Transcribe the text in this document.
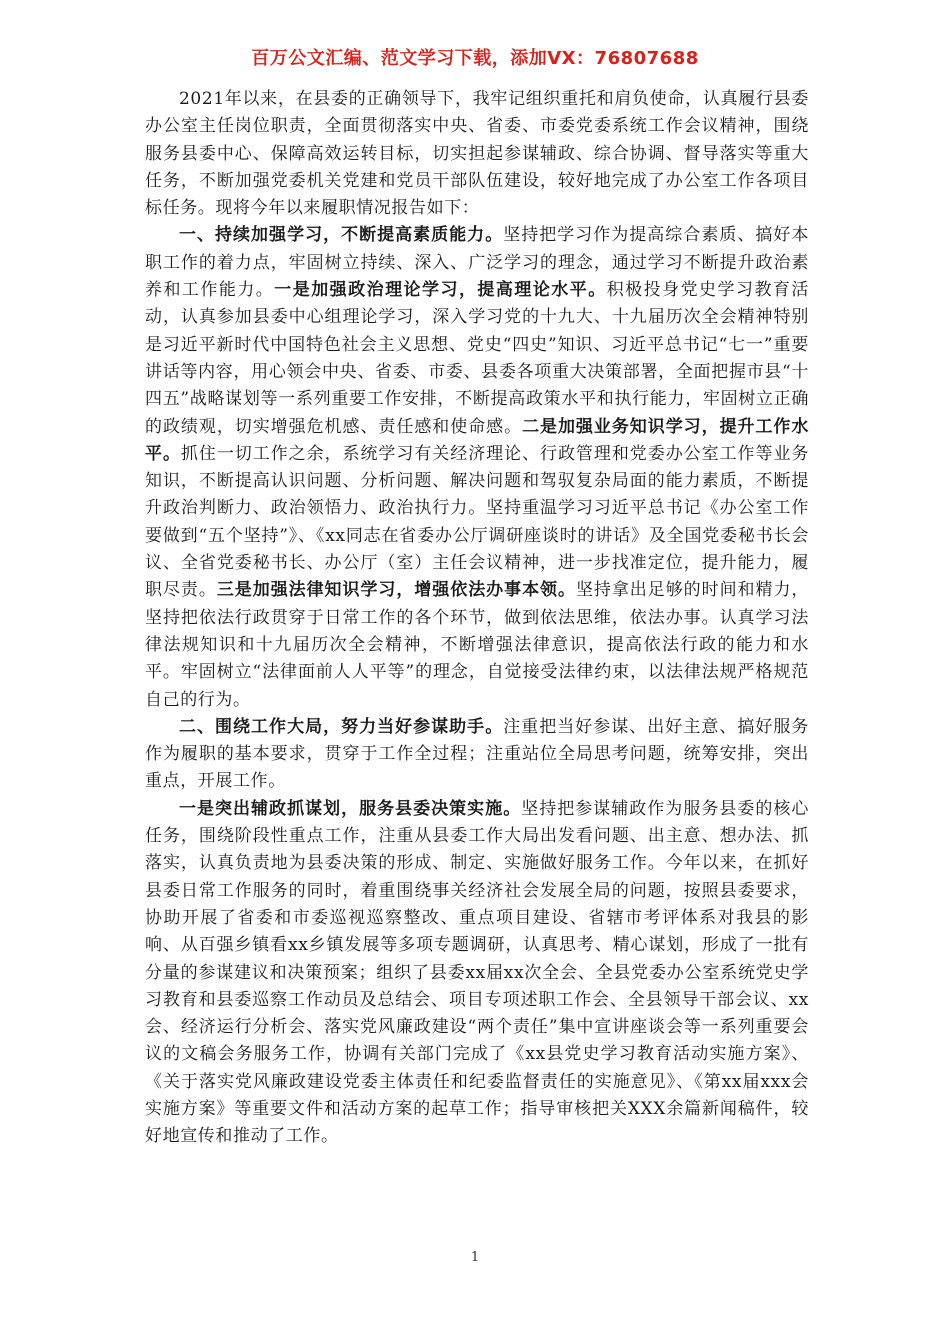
百万公文汇编、范文学习下载，添加VX：76807688

2021年以来，在县委的正确领导下，我牢记组织重托和肩负使命，认真履行县委办公室主任岗位职责，全面贯彻落实中央、省委、市委党委系统工作会议精神，围绕服务县委中心、保障高效运转目标，切实担起参谋辅政、综合协调、督导落实等重大任务，不断加强党委机关党建和党员干部队伍建设，较好地完成了办公室工作各项目标任务。现将今年以来履职情况报告如下：

一、持续加强学习，不断提高素质能力。坚持把学习作为提高综合素质、搞好本职工作的着力点，牢固树立持续、深入、广泛学习的理念，通过学习不断提升政治素养和工作能力。一是加强政治理论学习，提高理论水平。积极投身党史学习教育活动，认真参加县委中心组理论学习，深入学习党的十九大、十九届历次全会精神特别是习近平新时代中国特色社会主义思想、党史“四史”知识、习近平总书记“七一”重要讲话等内容，用心领会中央、省委、市委、县委各项重大决策部署，全面把握市县“十四五”战略谋划等一系列重要工作安排，不断提高政策水平和执行能力，牢固树立正确的政绩观，切实增强危机感、责任感和使命感。二是加强业务知识学习，提升工作水平。抓住一切工作之余，系统学习有关经济理论、行政管理和党委办公室工作等业务知识，不断提高认识问题、分析问题、解决问题和驾驭复杂局面的能力素质，不断提升政治判断力、政治领悟力、政治执行力。坚持重温学习习近平总书记《办公室工作要做到“五个坚持”》、《xx同志在省委办公厅调研座谈时的讲话》及全国党委秘书长会议、全省党委秘书长、办公厅（室）主任会议精神，进一步找准定位，提升能力，履职尽责。三是加强法律知识学习，增强依法办事本领。坚持拿出足够的时间和精力，坚持把依法行政贯穿于日常工作的各个环节，做到依法思维，依法办事。认真学习法律法规知识和十九届历次全会精神，不断增强法律意识，提高依法行政的能力和水平。牢固树立“法律面前人人平等”的理念，自觉接受法律约束，以法律法规严格规范自己的行为。

二、围绕工作大局，努力当好参谋助手。注重把当好参谋、出好主意、搞好服务作为履职的基本要求，贯穿于工作全过程；注重站位全局思考问题，统筹安排，突出重点，开展工作。

一是突出辅政抓谋划，服务县委决策实施。坚持把参谋辅政作为服务县委的核心任务，围绕阶段性重点工作，注重从县委工作大局出发看问题、出主意、想办法、抓落实，认真负责地为县委决策的形成、制定、实施做好服务工作。今年以来，在抓好县委日常工作服务的同时，着重围绕事关经济社会发展全局的问题，按照县委要求，协助开展了省委和市委巡视巡察整改、重点项目建设、省辖市考评体系对我县的影响、从百强乡镇看xx乡镇发展等多项专题调研，认真思考、精心谋划，形成了一批有分量的参谋建议和决策预案；组织了县委xx届xx次全会、全县党委办公室系统党史学习教育和县委巡察工作动员及总结会、项目专项述职工作会、全县领导干部会议、xx会、经济运行分析会、落实党风廉政建设“两个责任”集中宣讲座谈会等一系列重要会议的文稿会务服务工作，协调有关部门完成了《xx县党史学习教育活动实施方案》、《关于落实党风廉政建设党委主体责任和纪委监督责任的实施意见》、《第xx届xxx会实施方案》等重要文件和活动方案的起草工作；指导审核把关XXX余篇新闻稿件，较好地宣传和推动了工作。

1
